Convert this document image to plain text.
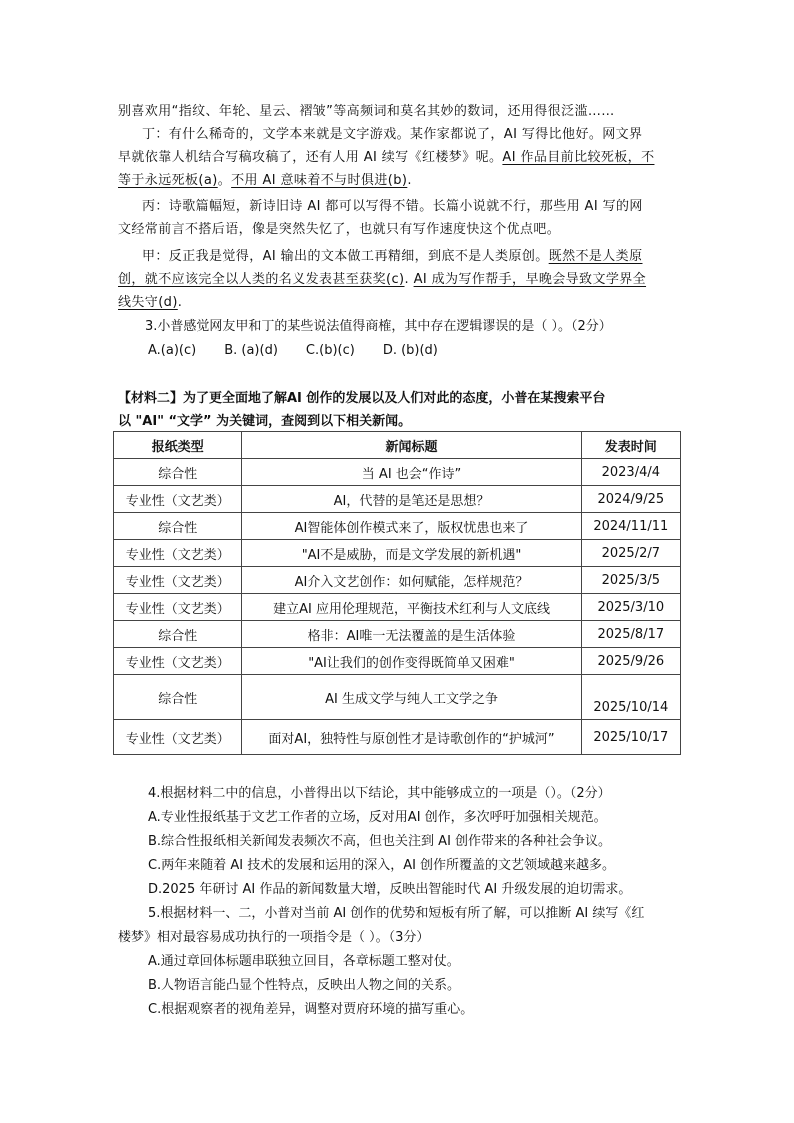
别喜欢用“指纹、年轮、星云、褶皱”等高频词和莫名其妙的数词，还用得很泛滥……
丁：有什么稀奇的，文学本来就是文字游戏。某作家都说了，AI 写得比他好。网文界
早就依靠人机结合写稿攻稿了，还有人用 AI 续写《红楼梦》呢。AI 作品目前比较死板，不
等于永远死板(a)。不用 AI 意味着不与时俱进(b).
丙：诗歌篇幅短，新诗旧诗 AI 都可以写得不错。长篇小说就不行，那些用 AI 写的网
文经常前言不搭后语，像是突然失忆了，也就只有写作速度快这个优点吧。
甲：反正我是觉得，AI 输出的文本做工再精细，到底不是人类原创。既然不是人类原
创，就不应该完全以人类的名义发表甚至获奖(c). AI 成为写作帮手，早晚会导致文学界全
线失守(d).
3.小普感觉网友甲和丁的某些说法值得商榷，其中存在逻辑谬误的是（ ）。（2分）
A.(a)(c) B. (a)(d) C.(b)(c) D. (b)(d)
【材料二】为了更全面地了解AI 创作的发展以及人们对此的态度，小普在某搜索平台
以 "AI" “文学” 为关键词，查阅到以下相关新闻。
报纸类型	新闻标题	发表时间
综合性	当 AI 也会“作诗”	2023/4/4
专业性（文艺类）	AI，代替的是笔还是思想？	2024/9/25
综合性	AI智能体创作模式来了，版权忧患也来了	2024/11/11
专业性（文艺类）	"AI不是威胁，而是文学发展的新机遇"	2025/2/7
专业性（文艺类）	AI介入文艺创作：如何赋能，怎样规范？	2025/3/5
专业性（文艺类）	建立AI 应用伦理规范，平衡技术红利与人文底线	2025/3/10
综合性	格非：AI唯一无法覆盖的是生活体验	2025/8/17
专业性（文艺类）	"AI让我们的创作变得既简单又困难"	2025/9/26
综合性	AI 生成文学与纯人工文学之争	2025/10/14
专业性（文艺类）	面对AI，独特性与原创性才是诗歌创作的“护城河”	2025/10/17
4.根据材料二中的信息，小普得出以下结论，其中能够成立的一项是（）。（2分）
A.专业性报纸基于文艺工作者的立场，反对用AI 创作，多次呼吁加强相关规范。
B.综合性报纸相关新闻发表频次不高，但也关注到 AI 创作带来的各种社会争议。
C.两年来随着 AI 技术的发展和运用的深入，AI 创作所覆盖的文艺领域越来越多。
D.2025 年研讨 AI 作品的新闻数量大增，反映出智能时代 AI 升级发展的迫切需求。
5.根据材料一、二，小普对当前 AI 创作的优势和短板有所了解，可以推断 AI 续写《红
楼梦》相对最容易成功执行的一项指令是（ ）。（3分）
A.通过章回体标题串联独立回目，各章标题工整对仗。
B.人物语言能凸显个性特点，反映出人物之间的关系。
C.根据观察者的视角差异，调整对贾府环境的描写重心。
